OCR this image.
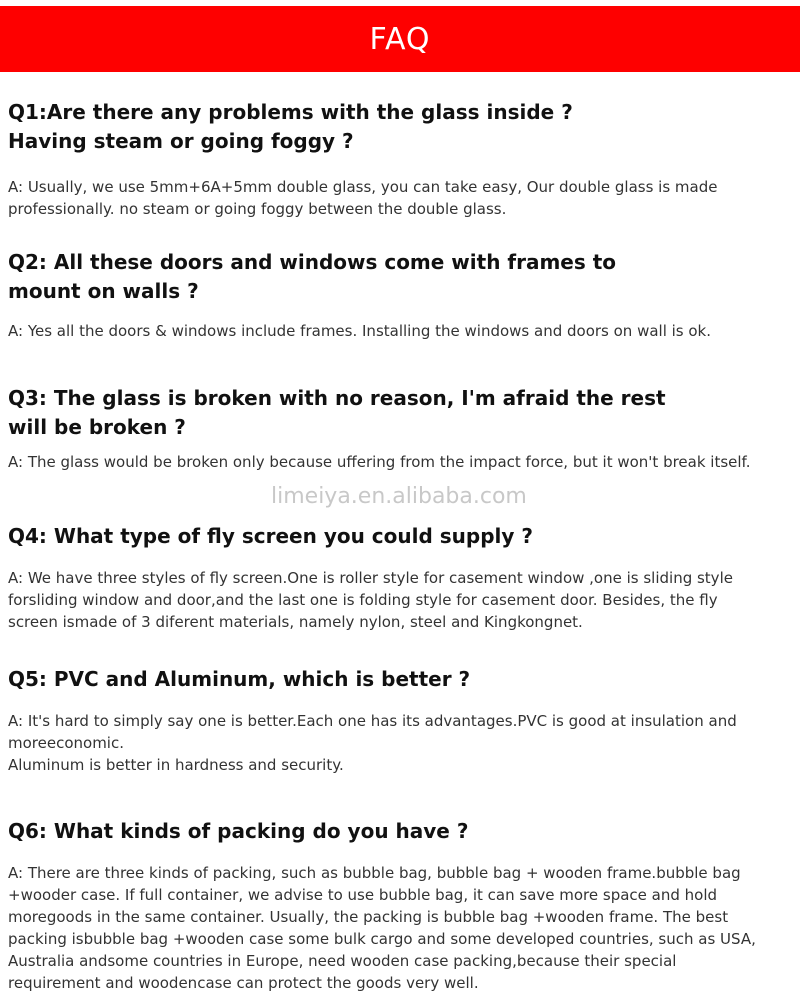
FAQ
Q1:Are there any problems with the glass inside ?
Having steam or going foggy ?
A: Usually, we use 5mm+6A+5mm double glass, you can take easy, Our double glass is made
professionally. no steam or going foggy between the double glass.
Q2: All these doors and windows come with frames to
mount on walls ?
A: Yes all the doors & windows include frames. Installing the windows and doors on wall is ok.
Q3: The glass is broken with no reason, I'm afraid the rest
will be broken ?
A: The glass would be broken only because uffering from the impact force, but it won't break itself.
limeiya.en.alibaba.com
Q4: What type of fly screen you could supply ?
A: We have three styles of fly screen.One is roller style for casement window ,one is sliding style
forsliding window and door,and the last one is folding style for casement door. Besides, the fly
screen ismade of 3 diferent materials, namely nylon, steel and Kingkongnet.
Q5: PVC and Aluminum, which is better ?
A: It's hard to simply say one is better.Each one has its advantages.PVC is good at insulation and
moreeconomic.
Aluminum is better in hardness and security.
Q6: What kinds of packing do you have ?
A: There are three kinds of packing, such as bubble bag, bubble bag + wooden frame.bubble bag
+wooder case. If full container, we advise to use bubble bag, it can save more space and hold
moregoods in the same container. Usually, the packing is bubble bag +wooden frame. The best
packing isbubble bag +wooden case some bulk cargo and some developed countries, such as USA,
Australia andsome countries in Europe, need wooden case packing,because their special
requirement and woodencase can protect the goods very well.
